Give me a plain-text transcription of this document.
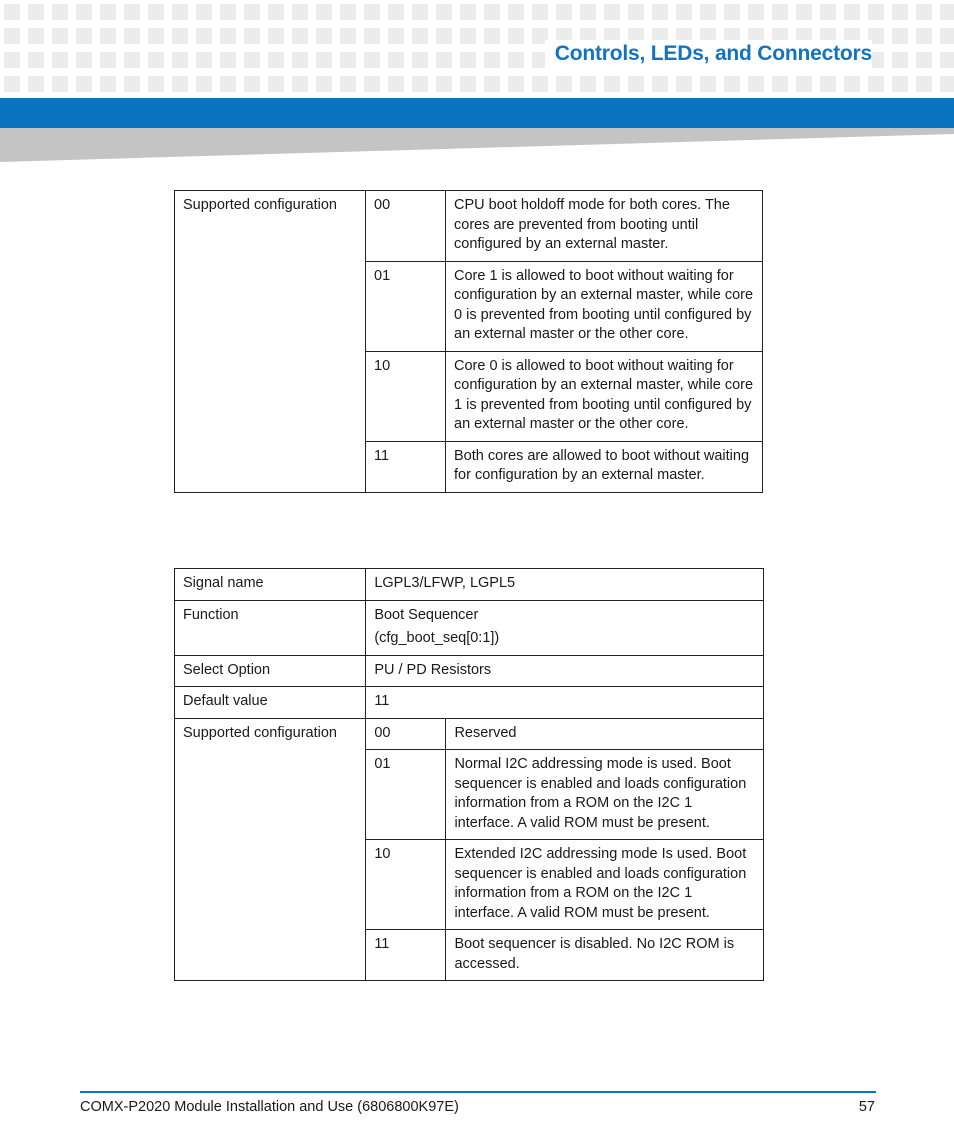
Controls, LEDs, and Connectors
Supported configuration	00	CPU boot holdoff mode for both cores. The cores are prevented from booting until configured by an external master.
	01	Core 1 is allowed to boot without waiting for configuration by an external master, while core 0 is prevented from booting until configured by an external master or the other core.
	10	Core 0 is allowed to boot without waiting for configuration by an external master, while core 1 is prevented from booting until configured by an external master or the other core.
	11	Both cores are allowed to boot without waiting for configuration by an external master.
Signal name	LGPL3/LFWP, LGPL5	
Function	Boot Sequencer
(cfg_boot_seq[0:1])	

Select Option	PU / PD Resistors	
Default value	11	
Supported configuration	00	Reserved
	01	Normal I2C addressing mode is used. Boot sequencer is enabled and loads configuration information from a ROM on the I2C 1 interface. A valid ROM must be present.
	10	Extended I2C addressing mode Is used. Boot sequencer is enabled and loads configuration information from a ROM on the I2C 1 interface. A valid ROM must be present.
	11	Boot sequencer is disabled. No I2C ROM is accessed.
COMX-P2020 Module Installation and Use (6806800K97E)	57
